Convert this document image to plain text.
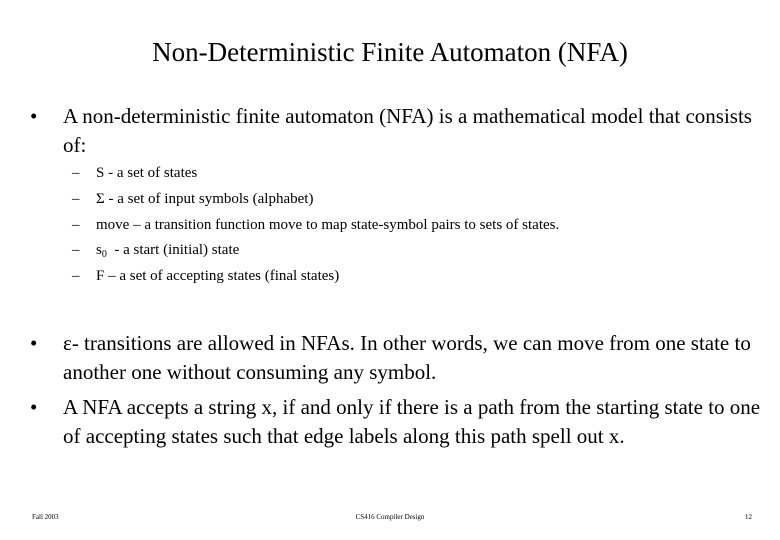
Non-Deterministic Finite Automaton (NFA)
•	A non-deterministic finite automaton (NFA) is a mathematical model that consists of:
– S - a set of states
– Σ - a set of input symbols (alphabet)
– move – a transition function move to map state-symbol pairs to sets of states.
– $s_0$  - a start (initial) state
– F – a set of accepting states (final states)
•	ε- transitions are allowed in NFAs. In other words, we can move from one state to another one without consuming any symbol.
•	A NFA accepts a string x, if and only if there is a path from the starting state to one of accepting states such that edge labels along this path spell out x.
Fall 2003	CS416 Compiler Design	12
